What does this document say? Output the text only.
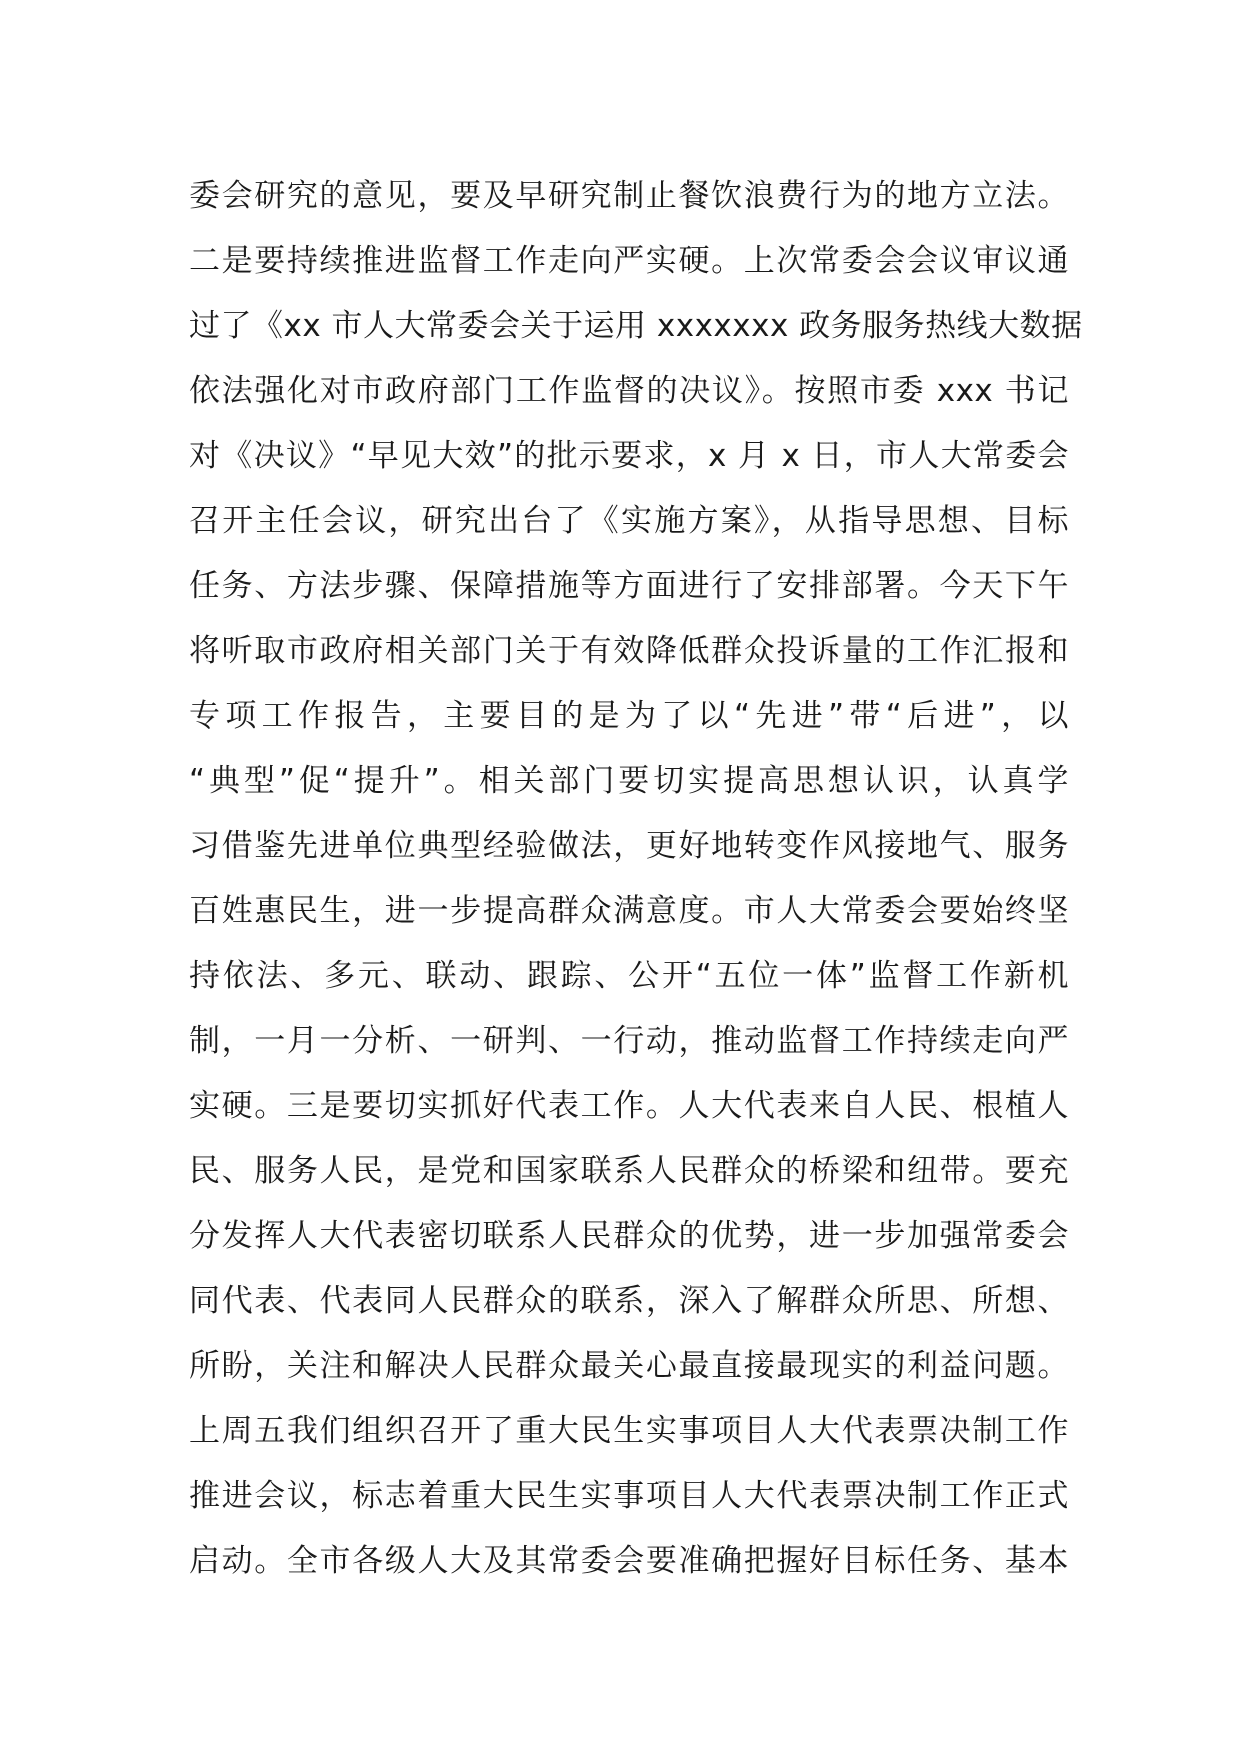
委会研究的意见，要及早研究制止餐饮浪费行为的地方立法。
二是要持续推进监督工作走向严实硬。上次常委会会议审议通
过了《xx 市人大常委会关于运用 xxxxxxx 政务服务热线大数据
依法强化对市政府部门工作监督的决议》。按照市委 xxx 书记
对《决议》“早见大效”的批示要求，x 月 x 日，市人大常委会
召开主任会议，研究出台了《实施方案》，从指导思想、目标
任务、方法步骤、保障措施等方面进行了安排部署。今天下午
将听取市政府相关部门关于有效降低群众投诉量的工作汇报和
专项工作报告，主要目的是为了以“先进”带“后进”，以
“典型”促“提升”。相关部门要切实提高思想认识，认真学
习借鉴先进单位典型经验做法，更好地转变作风接地气、服务
百姓惠民生，进一步提高群众满意度。市人大常委会要始终坚
持依法、多元、联动、跟踪、公开“五位一体”监督工作新机
制，一月一分析、一研判、一行动，推动监督工作持续走向严
实硬。三是要切实抓好代表工作。人大代表来自人民、根植人
民、服务人民，是党和国家联系人民群众的桥梁和纽带。要充
分发挥人大代表密切联系人民群众的优势，进一步加强常委会
同代表、代表同人民群众的联系，深入了解群众所思、所想、
所盼，关注和解决人民群众最关心最直接最现实的利益问题。
上周五我们组织召开了重大民生实事项目人大代表票决制工作
推进会议，标志着重大民生实事项目人大代表票决制工作正式
启动。全市各级人大及其常委会要准确把握好目标任务、基本
